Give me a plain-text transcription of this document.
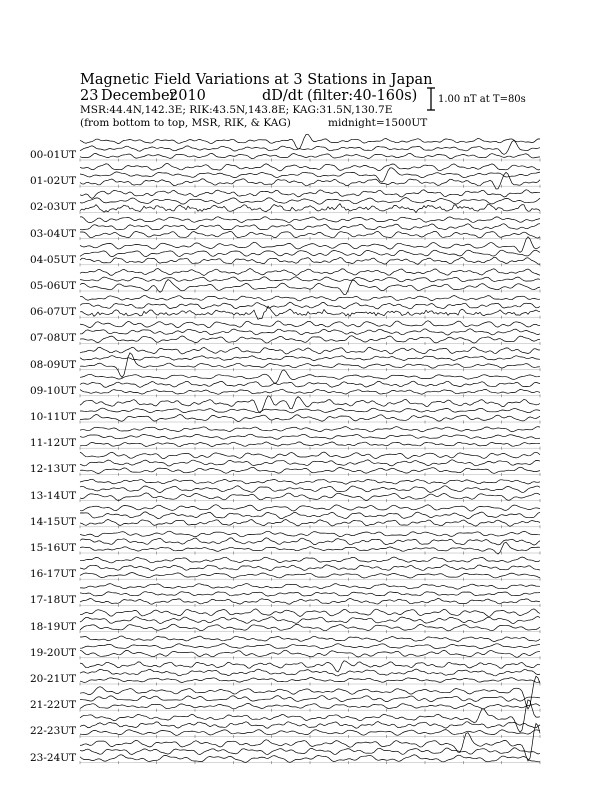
Magnetic Field Variations at 3 Stations in Japan
23 December
2010	dD/dt (filter:40-160s)
MSR:44.4N,142.3E; RIK:43.5N,143.8E; KAG:31.5N,130.7E
(from bottom to top, MSR, RIK, & KAG)	midnight=1500UT
1.00 nT at T=80s
00-01UT
01-02UT
02-03UT
03-04UT
04-05UT
05-06UT
06-07UT
07-08UT
08-09UT
09-10UT
10-11UT
11-12UT
12-13UT
13-14UT
14-15UT
15-16UT
16-17UT
17-18UT
18-19UT
19-20UT
20-21UT
21-22UT
22-23UT
23-24UT
